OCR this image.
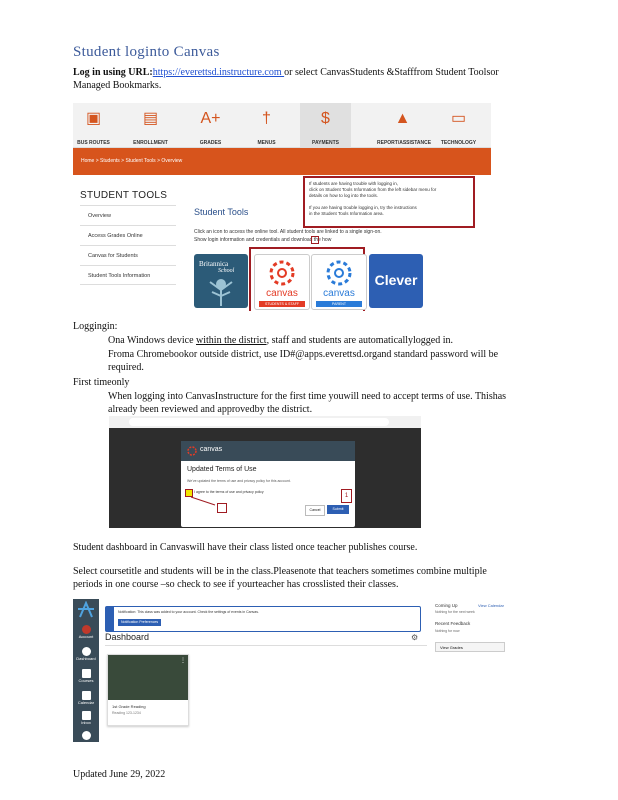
Student loginto Canvas
Log in using URL:https://everettsd.instructure.com or select CanvasStudents &Stafffrom Student Toolsor
Managed Bookmarks.
▣
BUS ROUTES
▤
ENROLLMENT
A+
GRADES
†
MENUS
$
PAYMENTS
▲
REPORT/ASSISTANCE
▭
TECHNOLOGY
Home > Students > Student Tools > Overview
STUDENT TOOLS
Overview
Access Grades Online
Canvas for Students
Student Tools Information
Student Tools
Click an icon to access the online tool. All student tools are linked to a single sign-on.
Show login information and credentials and download the how
If students are having trouble with logging in,
click on Student Tools Information from the left sidebar menu for
details on how to log into the tools.
If you are having trouble logging in, try the instructions
in the Student Tools Information area.
Britannica
School
canvas
STUDENTS & STAFF
canvas
PARENT
Clever
Loggingin:
Ona Windows device within the district, staff and students are automaticallylogged in.
Froma Chromebookor outside district, use ID#@apps.everettsd.organd standard password will be
required.
First timeonly
When logging into CanvasInstructure for the first time youwill need to accept terms of use. Thishas
already been reviewed and approvedby the district.
canvas
Updated Terms of Use
We've updated the terms of use and privacy policy for this account.
I agree to the terms of use and privacy policy
Cancel	Submit
1
Student dashboard in Canvaswill have their class listed once teacher publishes course.
Select coursetitle and students will be in the class.Pleasenote that teachers sometimes combine multiple
periods in one course –so check to see if yourteacher has crosslisted their classes.
Account
Dashboard
Courses
Calendar
Inbox
Notification: This class was added to your account. Check the settings of events in Canvas.
Notification Preferences
Dashboard	⚙
Coming Up	View Calendar
Nothing for the next week
Recent Feedback
Nothing for now
View Grades
⋮
1st Grade Reading
Reading 123-1234
Updated June 29, 2022
